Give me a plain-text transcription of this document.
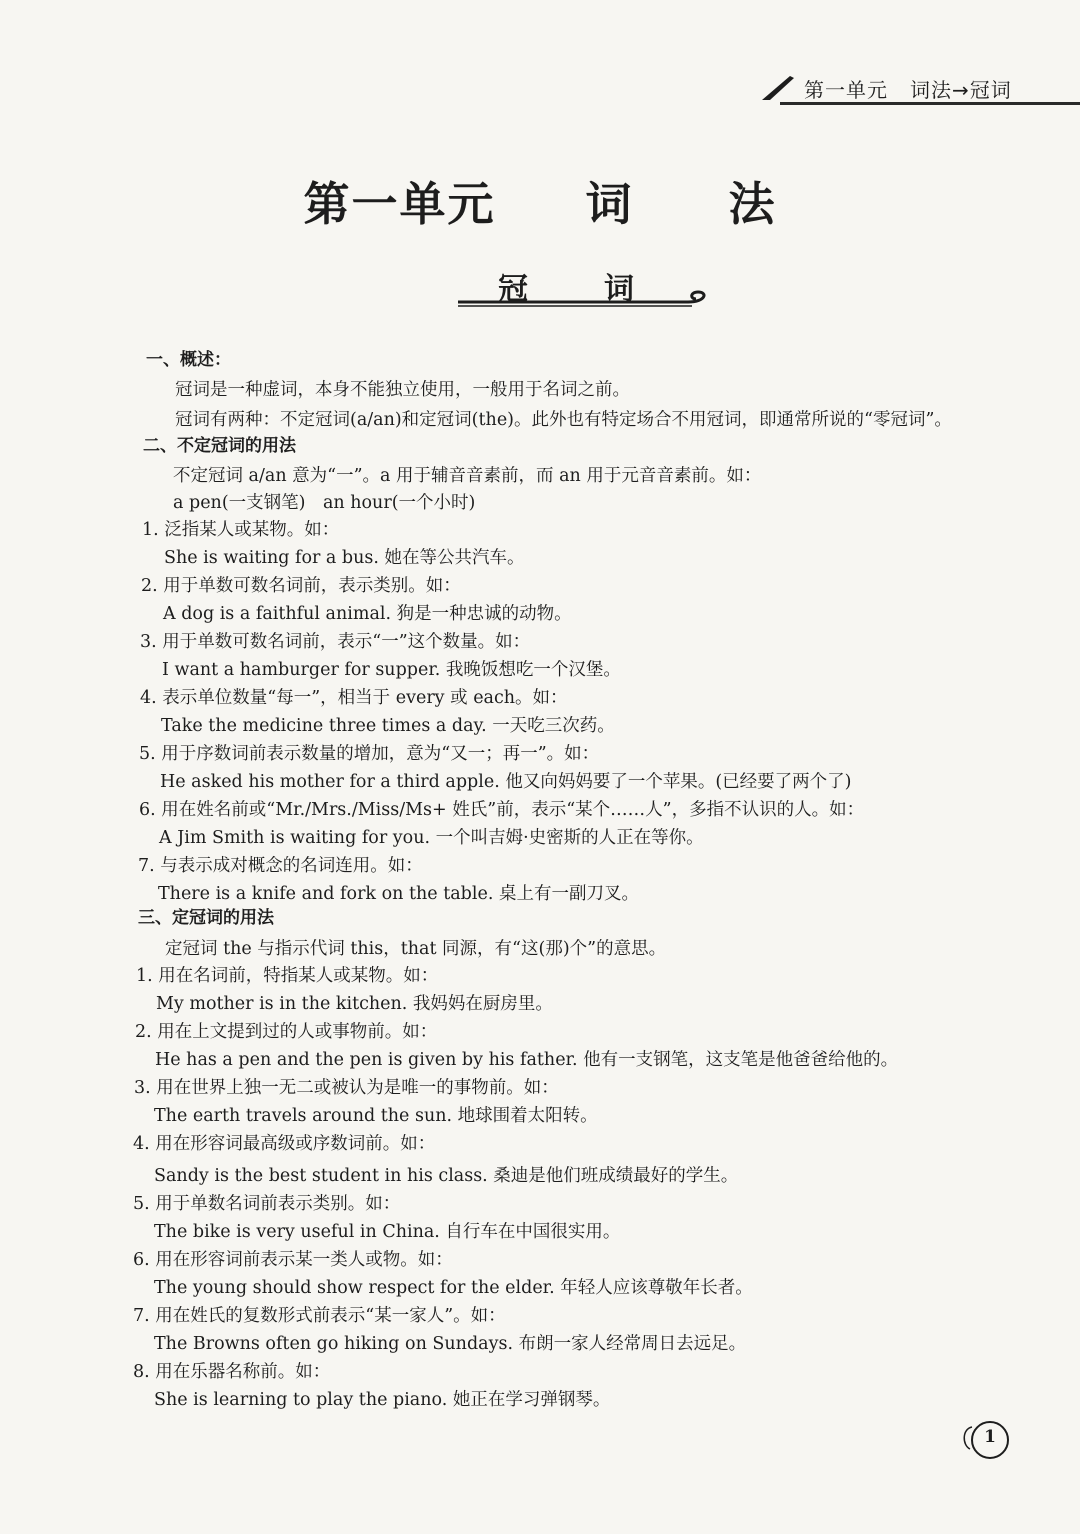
第一单元 词法→冠词
第一单元 词 法
冠	词
一、概述：
冠词是一种虚词，本身不能独立使用，一般用于名词之前。
冠词有两种：不定冠词(a/an)和定冠词(the)。此外也有特定场合不用冠词，即通常所说的“零冠词”。
二、不定冠词的用法
不定冠词 a/an 意为“一”。a 用于辅音音素前，而 an 用于元音音素前。如：
a pen(一支钢笔)　an hour(一个小时)
1. 泛指某人或某物。如：
She is waiting for a bus. 她在等公共汽车。
2. 用于单数可数名词前，表示类别。如：
A dog is a faithful animal. 狗是一种忠诚的动物。
3. 用于单数可数名词前，表示“一”这个数量。如：
I want a hamburger for supper. 我晚饭想吃一个汉堡。
4. 表示单位数量“每一”，相当于 every 或 each。如：
Take the medicine three times a day. 一天吃三次药。
5. 用于序数词前表示数量的增加，意为“又一；再一”。如：
He asked his mother for a third apple. 他又向妈妈要了一个苹果。(已经要了两个了)
6. 用在姓名前或“Mr./Mrs./Miss/Ms+ 姓氏”前，表示“某个……人”，多指不认识的人。如：
A Jim Smith is waiting for you. 一个叫吉姆·史密斯的人正在等你。
7. 与表示成对概念的名词连用。如：
There is a knife and fork on the table. 桌上有一副刀叉。
三、定冠词的用法
定冠词 the 与指示代词 this，that 同源，有“这(那)个”的意思。
1. 用在名词前，特指某人或某物。如：
My mother is in the kitchen. 我妈妈在厨房里。
2. 用在上文提到过的人或事物前。如：
He has a pen and the pen is given by his father. 他有一支钢笔，这支笔是他爸爸给他的。
3. 用在世界上独一无二或被认为是唯一的事物前。如：
The earth travels around the sun. 地球围着太阳转。
4. 用在形容词最高级或序数词前。如：
Sandy is the best student in his class. 桑迪是他们班成绩最好的学生。
5. 用于单数名词前表示类别。如：
The bike is very useful in China. 自行车在中国很实用。
6. 用在形容词前表示某一类人或物。如：
The young should show respect for the elder. 年轻人应该尊敬年长者。
7. 用在姓氏的复数形式前表示“某一家人”。如：
The Browns often go hiking on Sundays. 布朗一家人经常周日去远足。
8. 用在乐器名称前。如：
She is learning to play the piano. 她正在学习弹钢琴。
1
